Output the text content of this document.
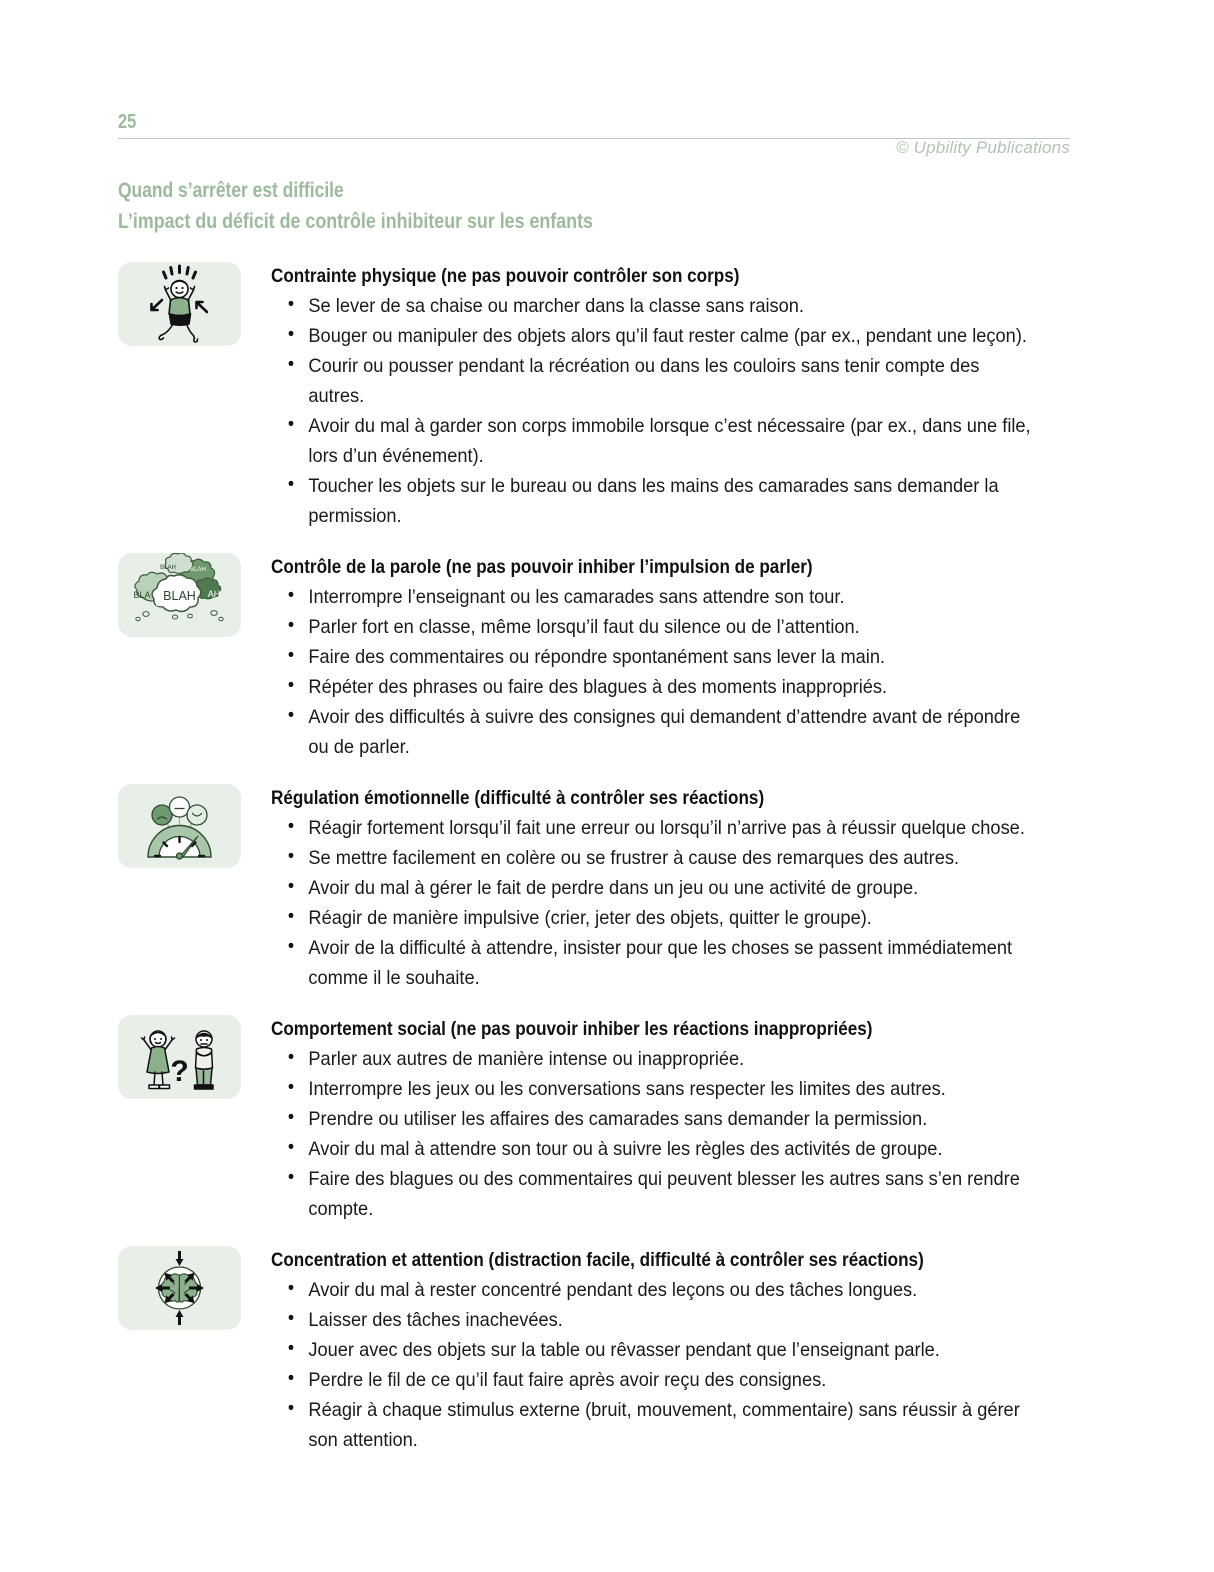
25
© Upbility Publications
Quand s’arrêter est difficile
L’impact du déficit de contrôle inhibiteur sur les enfants
Contrainte physique (ne pas pouvoir contrôler son corps)
• Se lever de sa chaise ou marcher dans la classe sans raison.
• Bouger ou manipuler des objets alors qu’il faut rester calme (par ex., pendant une leçon).
• Courir ou pousser pendant la récréation ou dans les couloirs sans tenir compte des autres.
• Avoir du mal à garder son corps immobile lorsque c’est nécessaire (par ex., dans une file, lors d’un événement).
• Toucher les objets sur le bureau ou dans les mains des camarades sans demander la permission.
BLAH
BLA	AH
BLAH BLAH
BLA
Contrôle de la parole (ne pas pouvoir inhiber l’impulsion de parler)
• Interrompre l’enseignant ou les camarades sans attendre son tour.
• Parler fort en classe, même lorsqu’il faut du silence ou de l’attention.
• Faire des commentaires ou répondre spontanément sans lever la main.
• Répéter des phrases ou faire des blagues à des moments inappropriés.
• Avoir des difficultés à suivre des consignes qui demandent d’attendre avant de répondre ou de parler.
Régulation émotionnelle (difficulté à contrôler ses réactions)
• Réagir fortement lorsqu’il fait une erreur ou lorsqu’il n’arrive pas à réussir quelque chose.
• Se mettre facilement en colère ou se frustrer à cause des remarques des autres.
• Avoir du mal à gérer le fait de perdre dans un jeu ou une activité de groupe.
• Réagir de manière impulsive (crier, jeter des objets, quitter le groupe).
• Avoir de la difficulté à attendre, insister pour que les choses se passent immédiatement comme il le souhaite.
?
Comportement social (ne pas pouvoir inhiber les réactions inappropriées)
• Parler aux autres de manière intense ou inappropriée.
• Interrompre les jeux ou les conversations sans respecter les limites des autres.
• Prendre ou utiliser les affaires des camarades sans demander la permission.
• Avoir du mal à attendre son tour ou à suivre les règles des activités de groupe.
• Faire des blagues ou des commentaires qui peuvent blesser les autres sans s’en rendre compte.
Concentration et attention (distraction facile, difficulté à contrôler ses réactions)
• Avoir du mal à rester concentré pendant des leçons ou des tâches longues.
• Laisser des tâches inachevées.
• Jouer avec des objets sur la table ou rêvasser pendant que l’enseignant parle.
• Perdre le fil de ce qu’il faut faire après avoir reçu des consignes.
• Réagir à chaque stimulus externe (bruit, mouvement, commentaire) sans réussir à gérer son attention.
